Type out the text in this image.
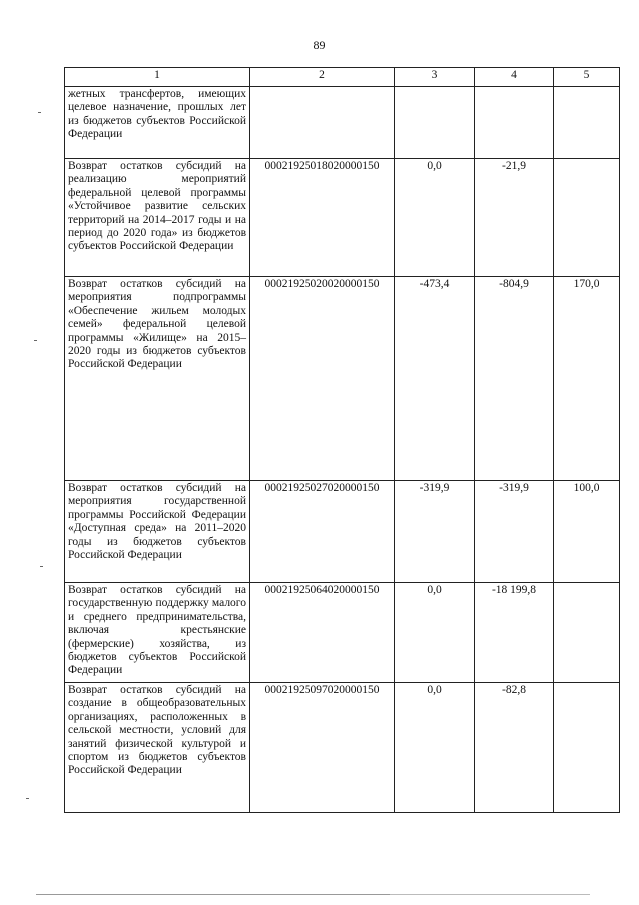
89
1	2	3	4	5
жетных трансфертов, имеющих целевое назначение, прошлых лет из бюджетов субъектов Российской Федерации				
Возврат остатков субсидий на реализацию мероприятий федеральной целевой программы «Устойчивое развитие сельских территорий на 2014–2017 годы и на период до 2020 года» из бюджетов субъектов Российской Федерации	00021925018020000150	0,0	-21,9	
Возврат остатков субсидий на мероприятия подпрограммы «Обеспечение жильем молодых семей» федеральной целевой программы «Жилище» на 2015–2020 годы из бюджетов субъектов Российской Федерации	00021925020020000150	-473,4	-804,9	170,0
Возврат остатков субсидий на мероприятия государственной программы Российской Федерации «Доступная среда» на 2011–2020 годы из бюджетов субъектов Российской Федерации	00021925027020000150	-319,9	-319,9	100,0
Возврат остатков субсидий на государственную поддержку малого и среднего предпринимательства, включая крестьянские (фермерские) хозяйства, из бюджетов субъектов Российской Федерации	00021925064020000150	0,0	-18 199,8	
Возврат остатков субсидий на создание в общеобразовательных организациях, расположенных в сельской местности, условий для занятий физической культурой и спортом из бюджетов субъектов Российской Федерации	00021925097020000150	0,0	-82,8	
